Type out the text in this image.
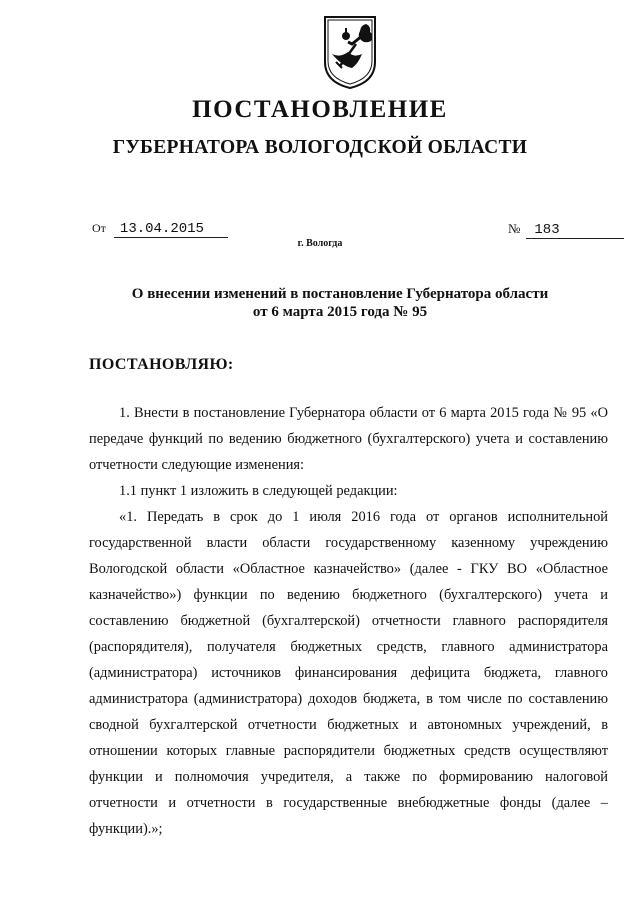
ПОСТАНОВЛЕНИЕ
ГУБЕРНАТОРА ВОЛОГОДСКОЙ ОБЛАСТИ
От 13.04.2015	№ 183
г. Вологда
О внесении изменений в постановление Губернатора области
от 6 марта 2015 года № 95
ПОСТАНОВЛЯЮ:

1. Внести в постановление Губернатора области от 6 марта 2015 года № 95 «О передаче функций по ведению бюджетного (бухгалтерского) учета и составлению отчетности следующие изменения:

1.1 пункт 1 изложить в следующей редакции:

«1. Передать в срок до 1 июля 2016 года от органов исполнительной государственной власти области государственному казенному учреждению Вологодской области «Областное казначейство» (далее - ГКУ ВО «Областное казначейство») функции по ведению бюджетного (бухгалтерского) учета и составлению бюджетной (бухгалтерской) отчетности главного распорядителя (распорядителя), получателя бюджетных средств, главного администратора (администратора) источников финансирования дефицита бюджета, главного администратора (администратора) доходов бюджета, в том числе по составлению сводной бухгалтерской отчетности бюджетных и автономных учреждений, в отношении которых главные распорядители бюджетных средств осуществляют функции и полномочия учредителя, а также по формированию налоговой отчетности и отчетности в государственные внебюджетные фонды (далее – функции).»;
